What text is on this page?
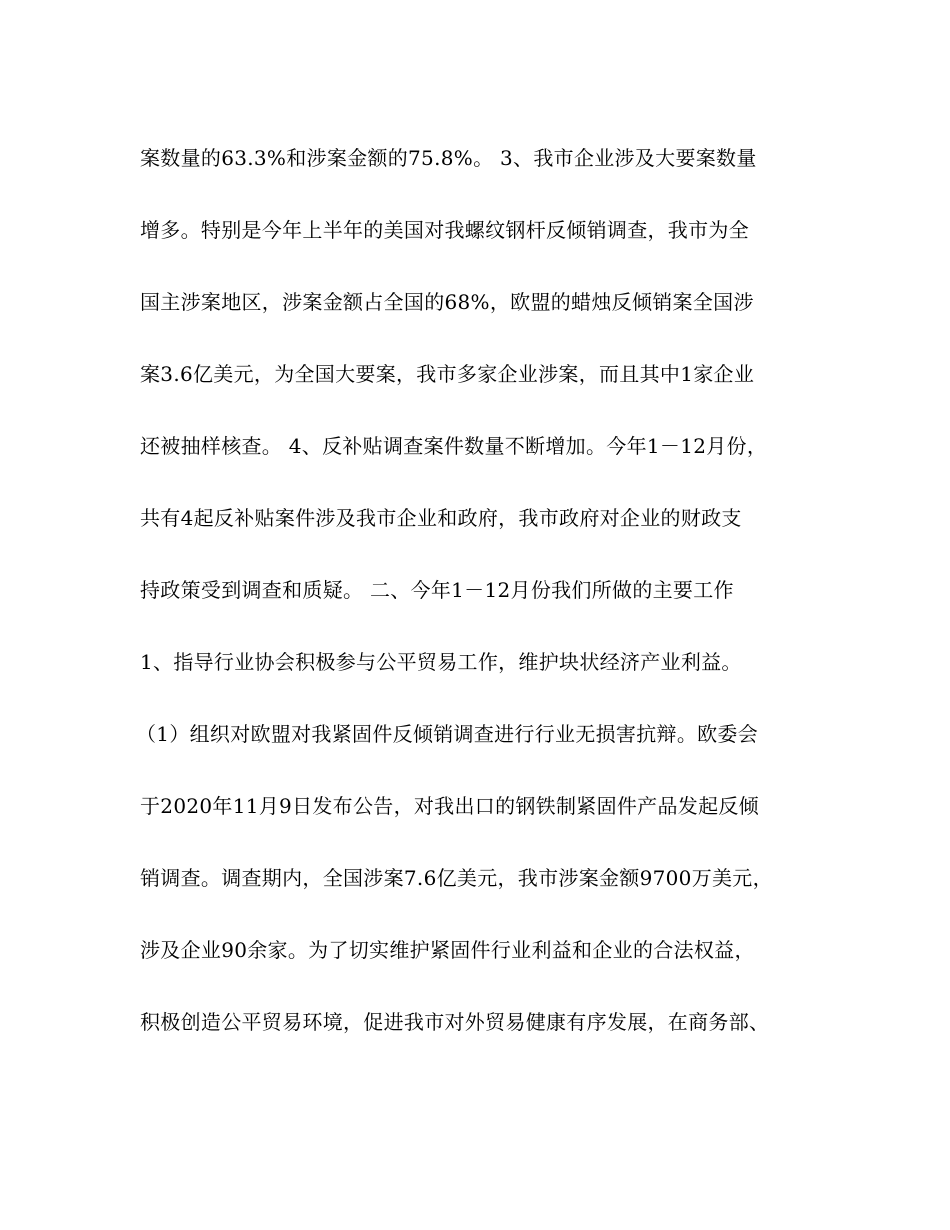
案数量的63.3%和涉案金额的75.8%。 3、我市企业涉及大要案数量
增多。特别是今年上半年的美国对我螺纹钢杆反倾销调查，我市为全
国主涉案地区，涉案金额占全国的68%，欧盟的蜡烛反倾销案全国涉
案3.6亿美元，为全国大要案，我市多家企业涉案，而且其中1家企业
还被抽样核查。 4、反补贴调查案件数量不断增加。今年1－12月份，
共有4起反补贴案件涉及我市企业和政府，我市政府对企业的财政支
持政策受到调查和质疑。 二、今年1－12月份我们所做的主要工作
1、指导行业协会积极参与公平贸易工作，维护块状经济产业利益。
（1）组织对欧盟对我紧固件反倾销调查进行行业无损害抗辩。欧委会
于2020年11月9日发布公告，对我出口的钢铁制紧固件产品发起反倾
销调查。调查期内，全国涉案7.6亿美元，我市涉案金额9700万美元，
涉及企业90余家。为了切实维护紧固件行业利益和企业的合法权益，
积极创造公平贸易环境，促进我市对外贸易健康有序发展，在商务部、
